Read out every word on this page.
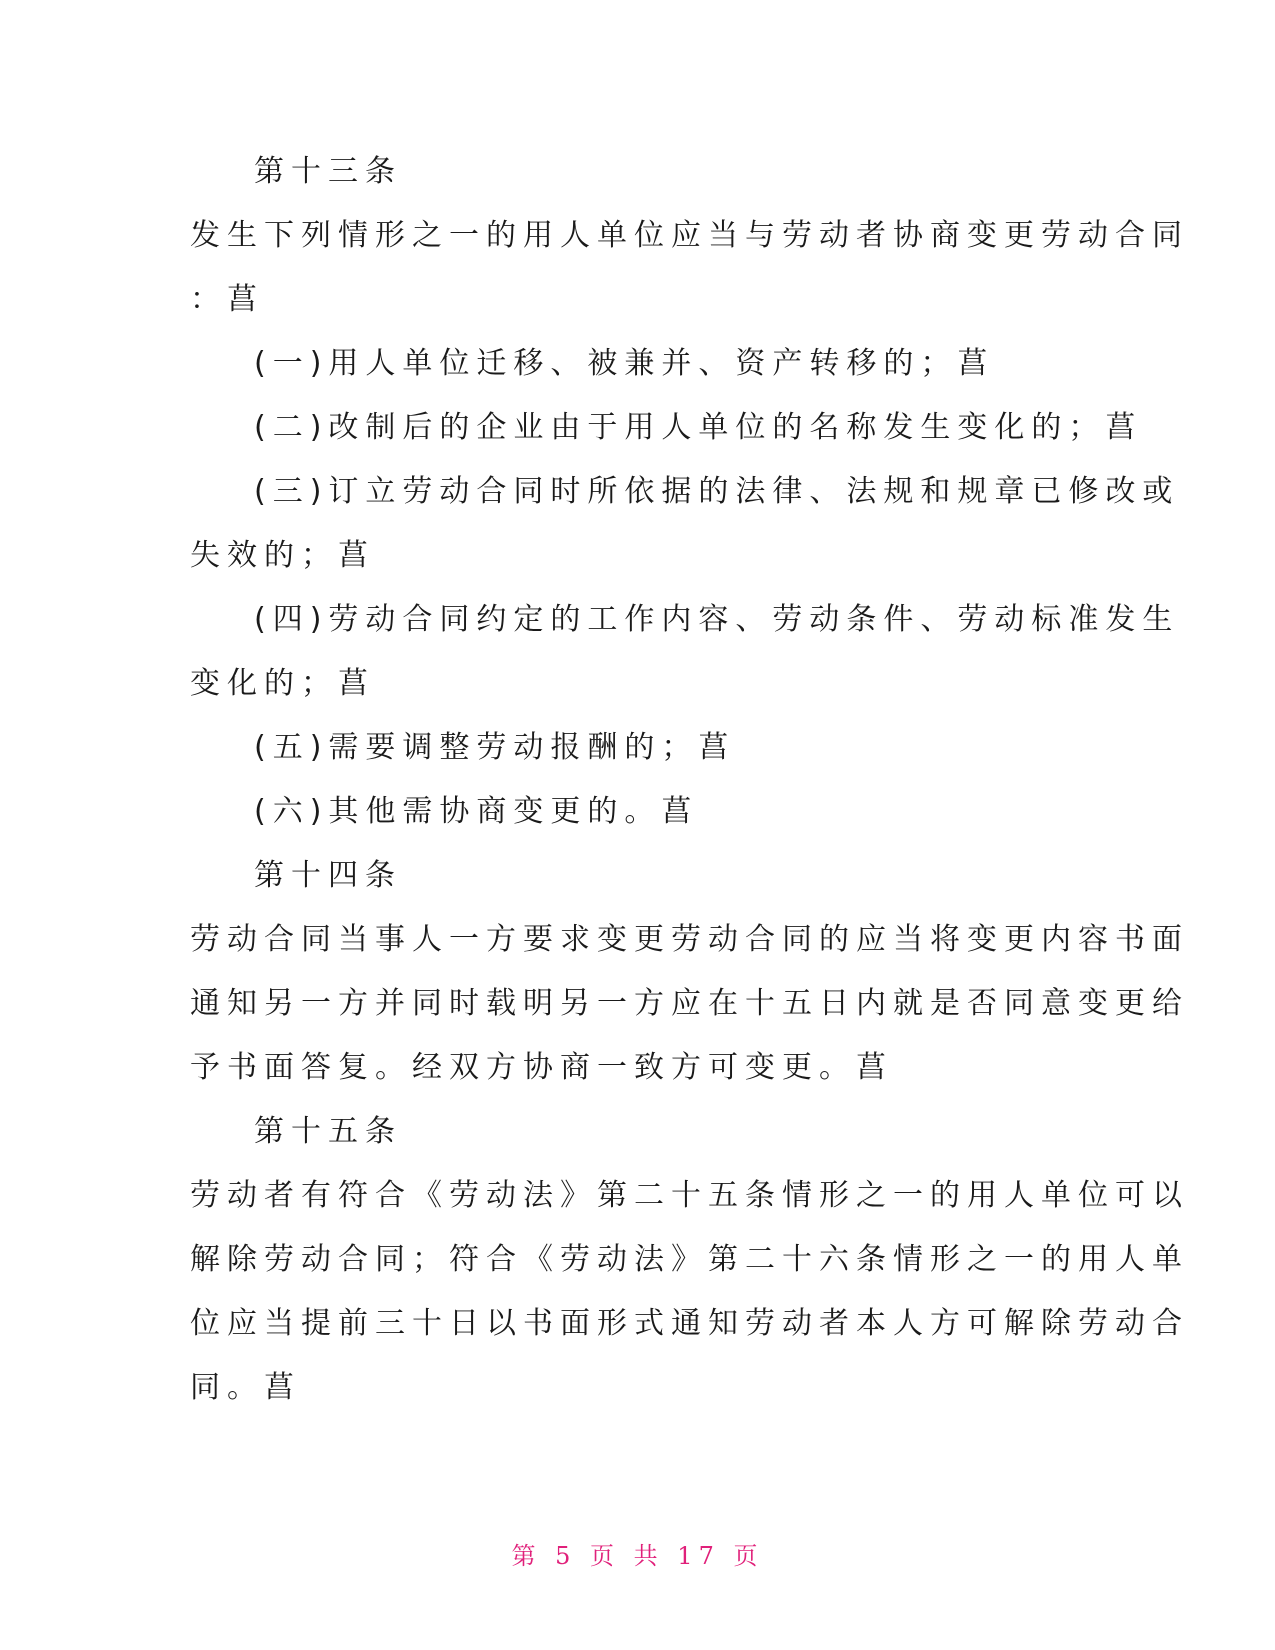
第十三条
发生下列情形之一的用人单位应当与劳动者协商变更劳动合同
：菖
(一)用人单位迁移、被兼并、资产转移的；菖
(二)改制后的企业由于用人单位的名称发生变化的；菖
(三)订立劳动合同时所依据的法律、法规和规章已修改或
失效的；菖
(四)劳动合同约定的工作内容、劳动条件、劳动标准发生
变化的；菖
(五)需要调整劳动报酬的；菖
(六)其他需协商变更的。菖
第十四条
劳动合同当事人一方要求变更劳动合同的应当将变更内容书面
通知另一方并同时载明另一方应在十五日内就是否同意变更给
予书面答复。经双方协商一致方可变更。菖
第十五条
劳动者有符合《劳动法》第二十五条情形之一的用人单位可以
解除劳动合同；符合《劳动法》第二十六条情形之一的用人单
位应当提前三十日以书面形式通知劳动者本人方可解除劳动合
同。菖
第 5 页 共 17 页
